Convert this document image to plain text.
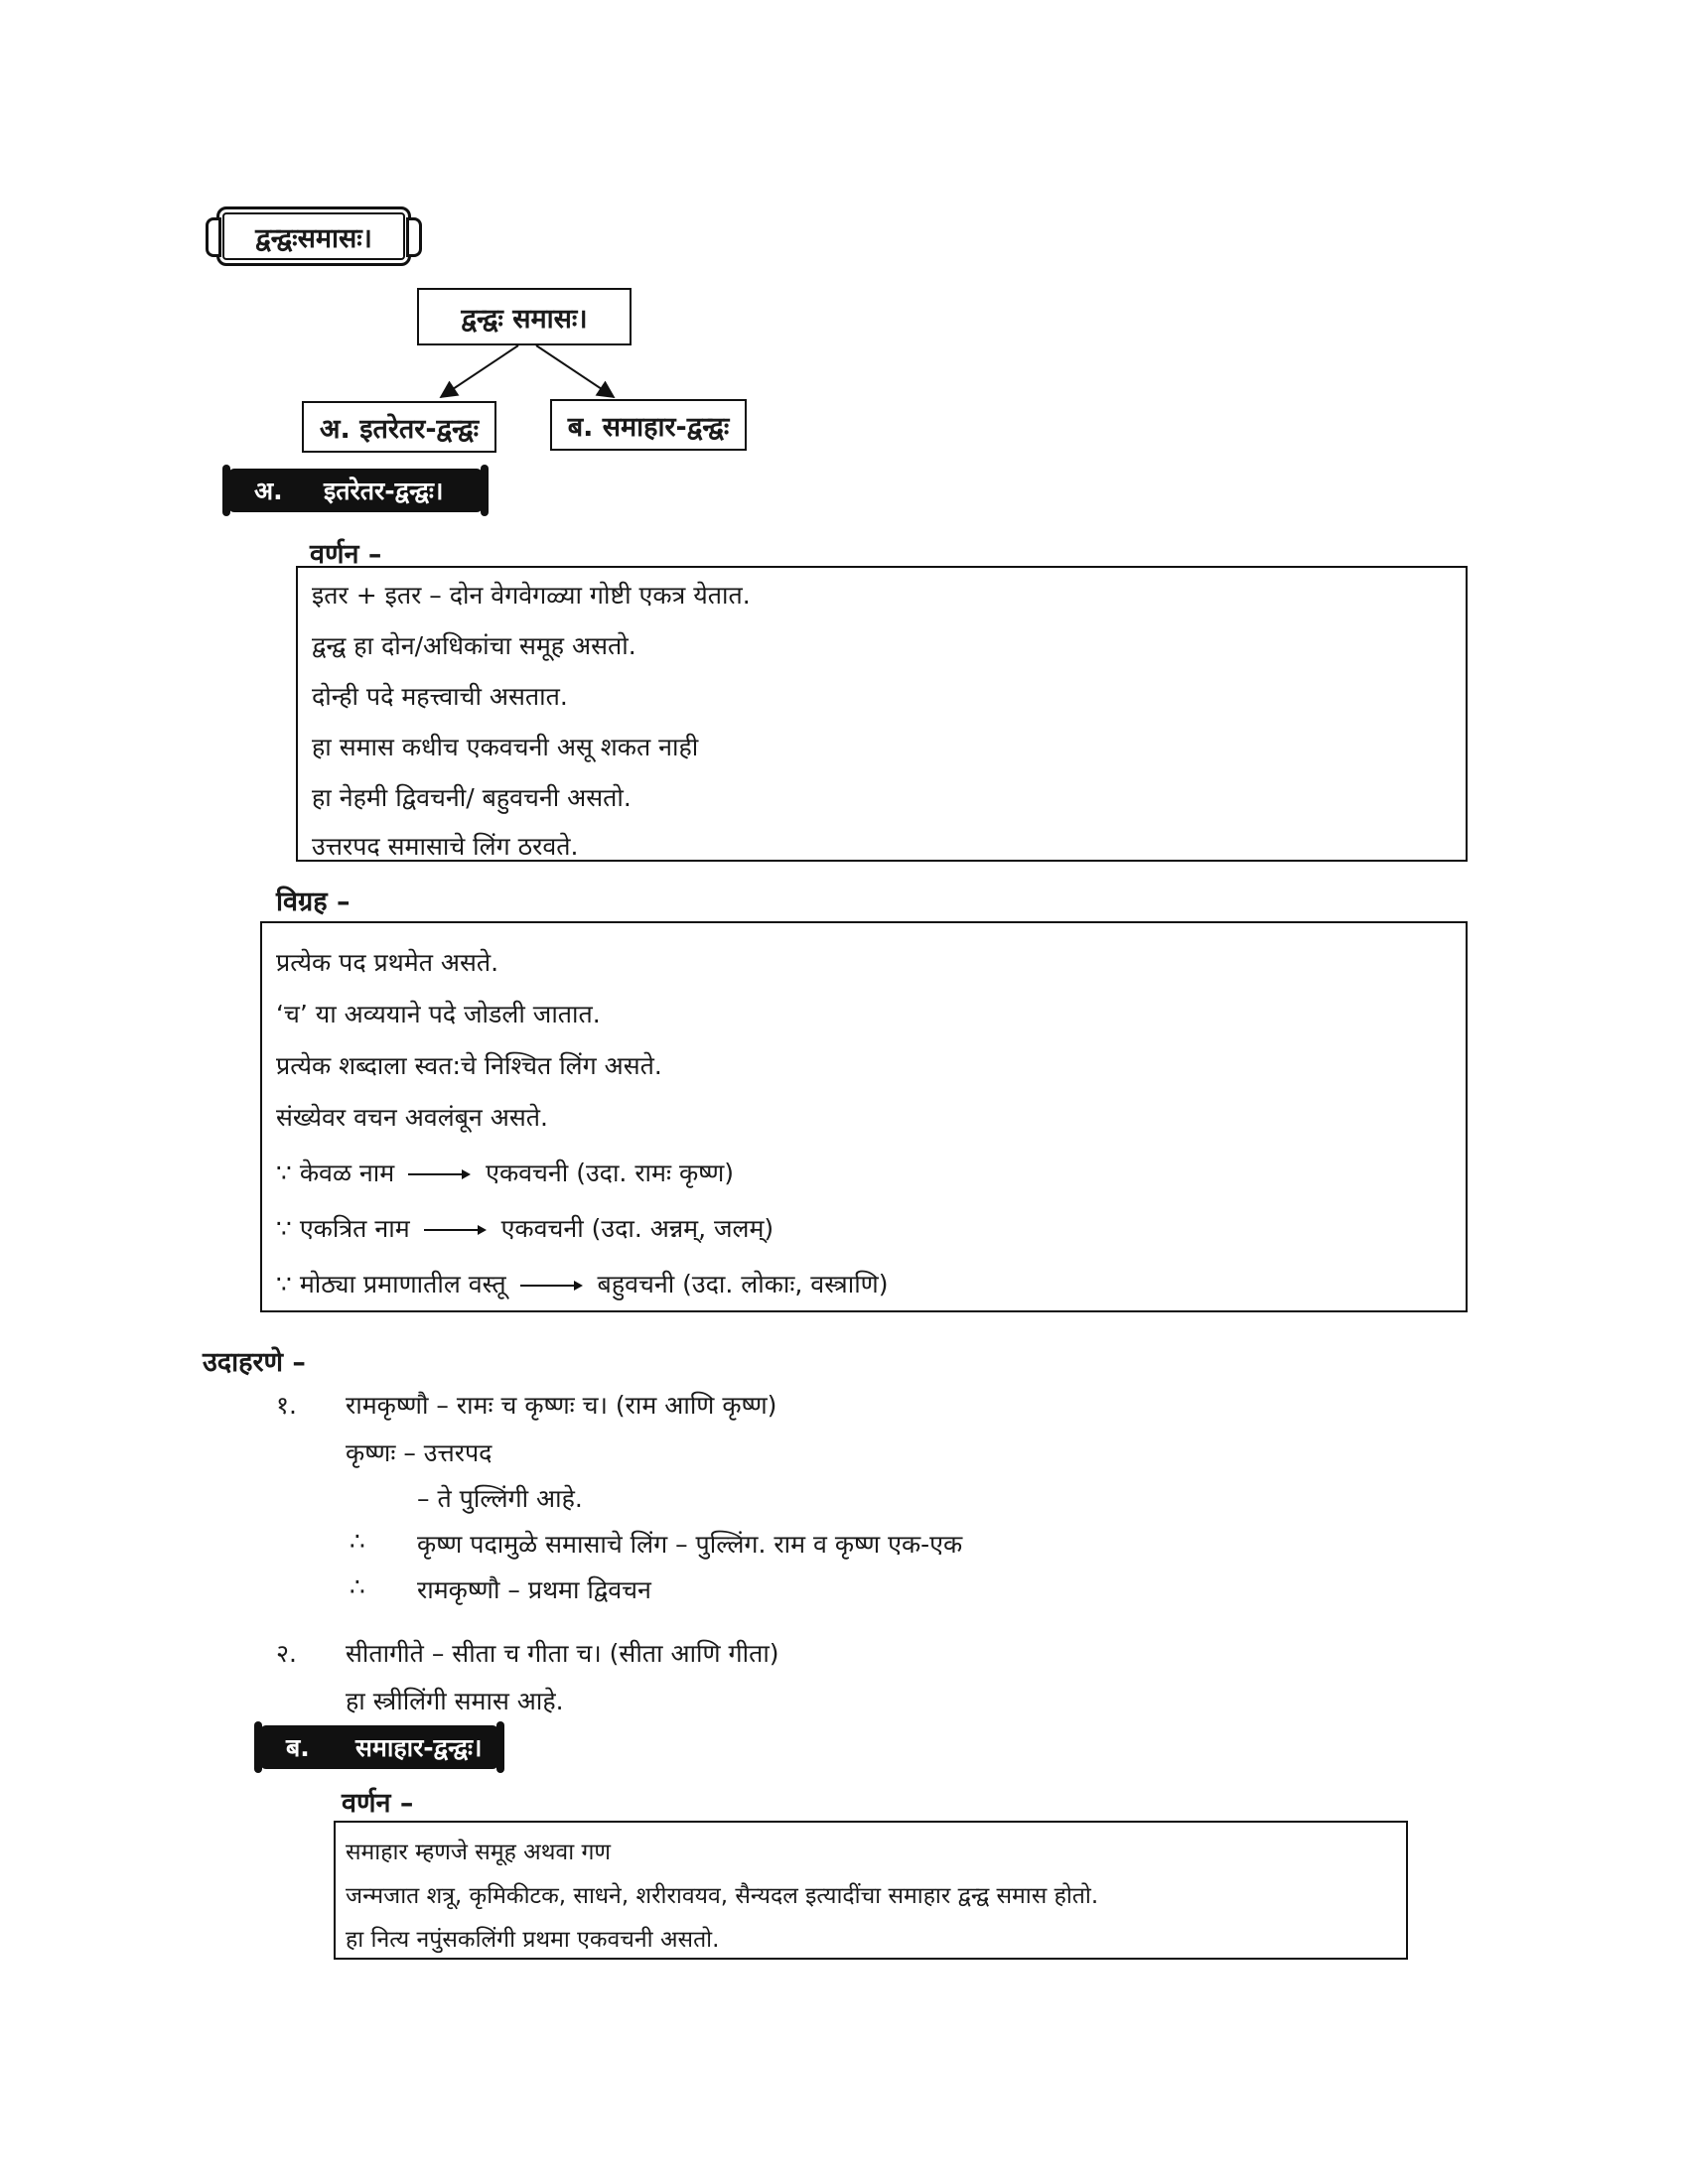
द्वन्द्वःसमासः।
द्वन्द्वः समासः।
अ. इतरेतर-द्वन्द्वः	ब. समाहार-द्वन्द्वः
अ.	इतरेतर-द्वन्द्वः।
वर्णन –
इतर + इतर – दोन वेगवेगळ्या गोष्टी एकत्र येतात.
द्वन्द्व हा दोन/अधिकांचा समूह असतो.
दोन्ही पदे महत्त्वाची असतात.
हा समास कधीच एकवचनी असू शकत नाही
हा नेहमी द्विवचनी/ बहुवचनी असतो.
उत्तरपद समासाचे लिंग ठरवते.
विग्रह –
प्रत्येक पद प्रथमेत असते.
‘च’ या अव्ययाने पदे जोडली जातात.
प्रत्येक शब्दाला स्वत:चे निश्चित लिंग असते.
संख्येवर वचन अवलंबून असते.
∵ केवळ नाम	एकवचनी (उदा. रामः कृष्ण)
∵ एकत्रित नाम	एकवचनी (उदा. अन्नम्, जलम्)
∵ मोठ्या प्रमाणातील वस्तू	बहुवचनी (उदा. लोकाः, वस्त्राणि)
उदाहरणे –
१. रामकृष्णौ – रामः च कृष्णः च। (राम आणि कृष्ण)
कृष्णः – उत्तरपद
– ते पुल्लिंगी आहे.
∴ कृष्ण पदामुळे समासाचे लिंग – पुल्लिंग. राम व कृष्ण एक-एक
∴ रामकृष्णौ – प्रथमा द्विवचन
२. सीतागीते – सीता च गीता च। (सीता आणि गीता)
हा स्त्रीलिंगी समास आहे.
ब.	समाहार-द्वन्द्वः।
वर्णन –
समाहार म्हणजे समूह अथवा गण
जन्मजात शत्रू, कृमिकीटक, साधने, शरीरावयव, सैन्यदल इत्यादींचा समाहार द्वन्द्व समास होतो.
हा नित्य नपुंसकलिंगी प्रथमा एकवचनी असतो.
